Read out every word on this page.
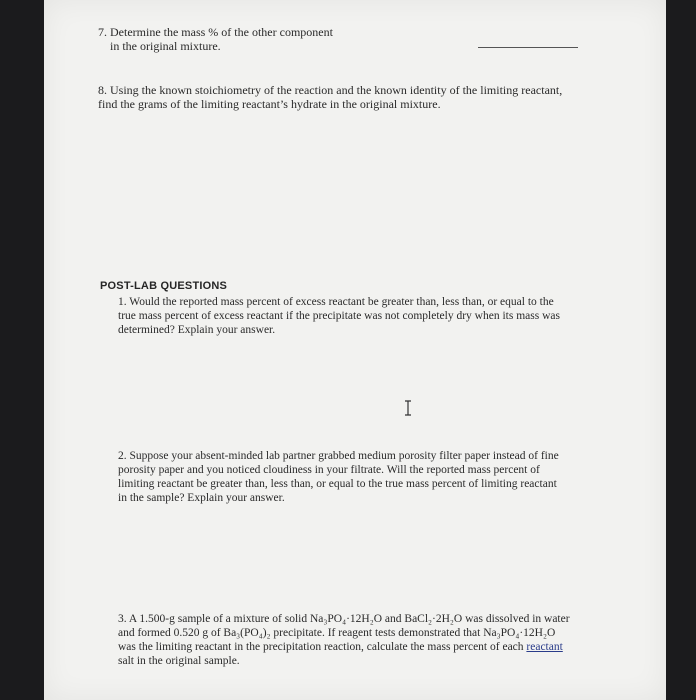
7. Determine the mass % of the other component

in the original mixture.

8. Using the known stoichiometry of the reaction and the known identity of the limiting reactant,

find the grams of the limiting reactant’s hydrate in the original mixture.

POST-LAB QUESTIONS

1. Would the reported mass percent of excess reactant be greater than, less than, or equal to the

true mass percent of excess reactant if the precipitate was not completely dry when its mass was

determined? Explain your answer.

2. Suppose your absent-minded lab partner grabbed medium porosity filter paper instead of fine

porosity paper and you noticed cloudiness in your filtrate. Will the reported mass percent of

limiting reactant be greater than, less than, or equal to the true mass percent of limiting reactant

in the sample? Explain your answer.

3. A 1.500-g sample of a mixture of solid Na₃PO₄·12H₂O and BaCl₂·2H₂O was dissolved in water

and formed 0.520 g of Ba₃(PO₄)₂ precipitate. If reagent tests demonstrated that Na₃PO₄·12H₂O

was the limiting reactant in the precipitation reaction, calculate the mass percent of each reactant

salt in the original sample.
